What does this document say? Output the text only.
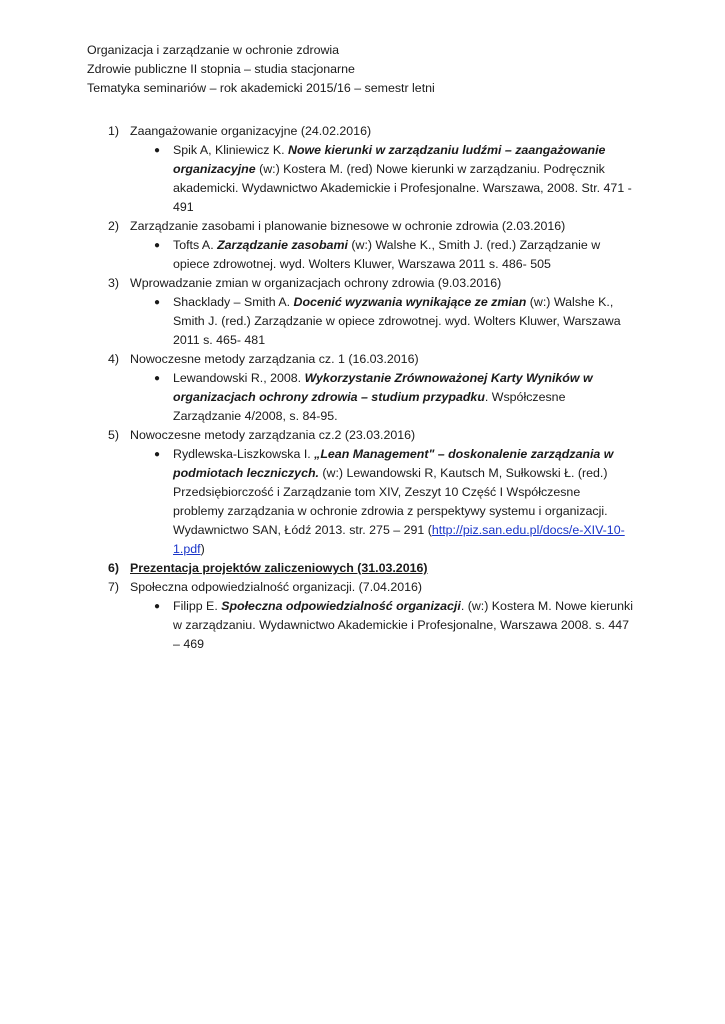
Organizacja i zarządzanie w ochronie zdrowia
Zdrowie publiczne II stopnia – studia stacjonarne
Tematyka seminariów – rok akademicki 2015/16 – semestr letni
1) Zaangażowanie organizacyjne (24.02.2016)
● Spik A, Kliniewicz K. Nowe kierunki w zarządzaniu ludźmi – zaangażowanie organizacyjne (w:) Kostera M. (red) Nowe kierunki w zarządzaniu. Podręcznik akademicki. Wydawnictwo Akademickie i Profesjonalne. Warszawa, 2008. Str. 471 - 491
2) Zarządzanie zasobami i planowanie biznesowe w ochronie zdrowia (2.03.2016)
● Tofts A. Zarządzanie zasobami (w:) Walshe K., Smith J. (red.) Zarządzanie w opiece zdrowotnej. wyd. Wolters Kluwer, Warszawa 2011 s. 486- 505
3) Wprowadzanie zmian w organizacjach ochrony zdrowia (9.03.2016)
● Shacklady – Smith A. Docenić wyzwania wynikające ze zmian (w:) Walshe K., Smith J. (red.) Zarządzanie w opiece zdrowotnej. wyd. Wolters Kluwer, Warszawa 2011 s. 465- 481
4) Nowoczesne metody zarządzania cz. 1 (16.03.2016)
● Lewandowski R., 2008. Wykorzystanie Zrównoważonej Karty Wyników w organizacjach ochrony zdrowia – studium przypadku. Współczesne Zarządzanie 4/2008, s. 84-95.
5) Nowoczesne metody zarządzania cz.2 (23.03.2016)
● Rydlewska-Liszkowska I. „Lean Management" – doskonalenie zarządzania w podmiotach leczniczych. (w:) Lewandowski R, Kautsch M, Sułkowski Ł. (red.) Przedsiębiorczość i Zarządzanie tom XIV, Zeszyt 10 Część I Współczesne problemy zarządzania w ochronie zdrowia z perspektywy systemu i organizacji. Wydawnictwo SAN, Łódź 2013. str. 275 – 291 (http://piz.san.edu.pl/docs/e-XIV-10-1.pdf)
6) Prezentacja projektów zaliczeniowych (31.03.2016)
7) Społeczna odpowiedzialność organizacji. (7.04.2016)
● Filipp E. Społeczna odpowiedzialność organizacji. (w:) Kostera M. Nowe kierunki w zarządzaniu. Wydawnictwo Akademickie i Profesjonalne, Warszawa 2008. s. 447 – 469
